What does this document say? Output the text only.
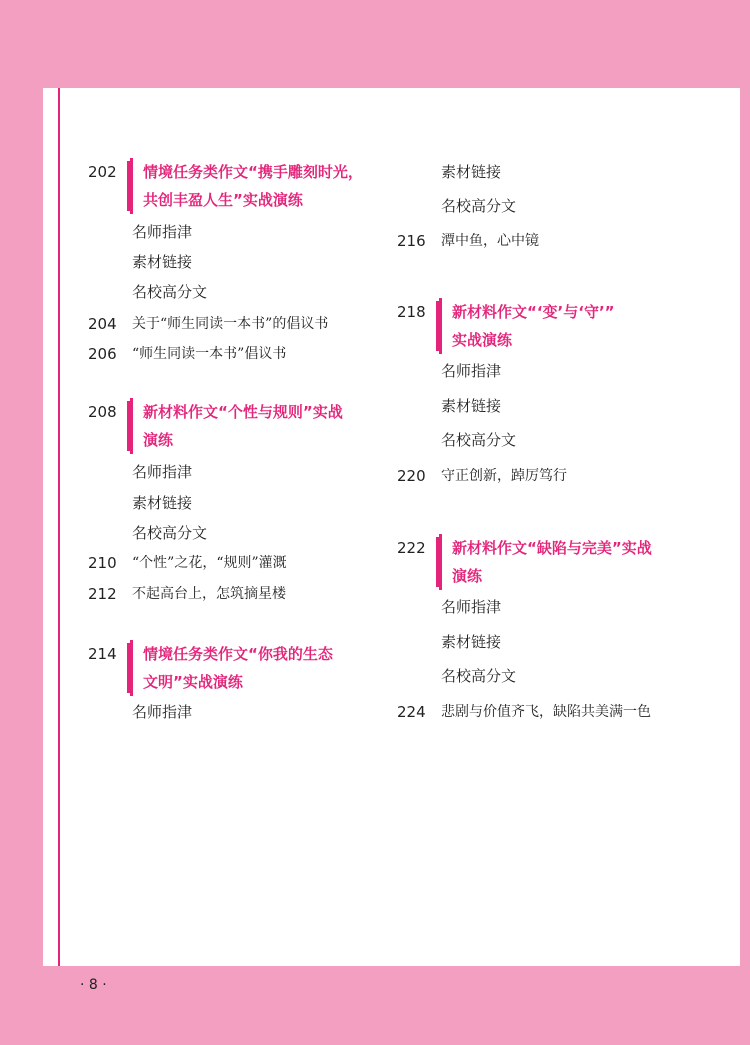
202	情境任务类作文“携手雕刻时光，
共创丰盈人生”实战演练
名师指津
素材链接
名校高分文
204	关于“师生同读一本书”的倡议书
206	“师生同读一本书”倡议书
208	新材料作文“个性与规则”实战
演练
名师指津
素材链接
名校高分文
210	“个性”之花，“规则”灌溉
212	不起高台上，怎筑摘星楼
214	情境任务类作文“你我的生态
文明”实战演练
名师指津
素材链接
名校高分文
216	潭中鱼，心中镜
218	新材料作文“‘变’与‘守’”
实战演练
名师指津
素材链接
名校高分文
220	守正创新，踔厉笃行
222	新材料作文“缺陷与完美”实战
演练
名师指津
素材链接
名校高分文
224	悲剧与价值齐飞，缺陷共美满一色
· 8 ·
